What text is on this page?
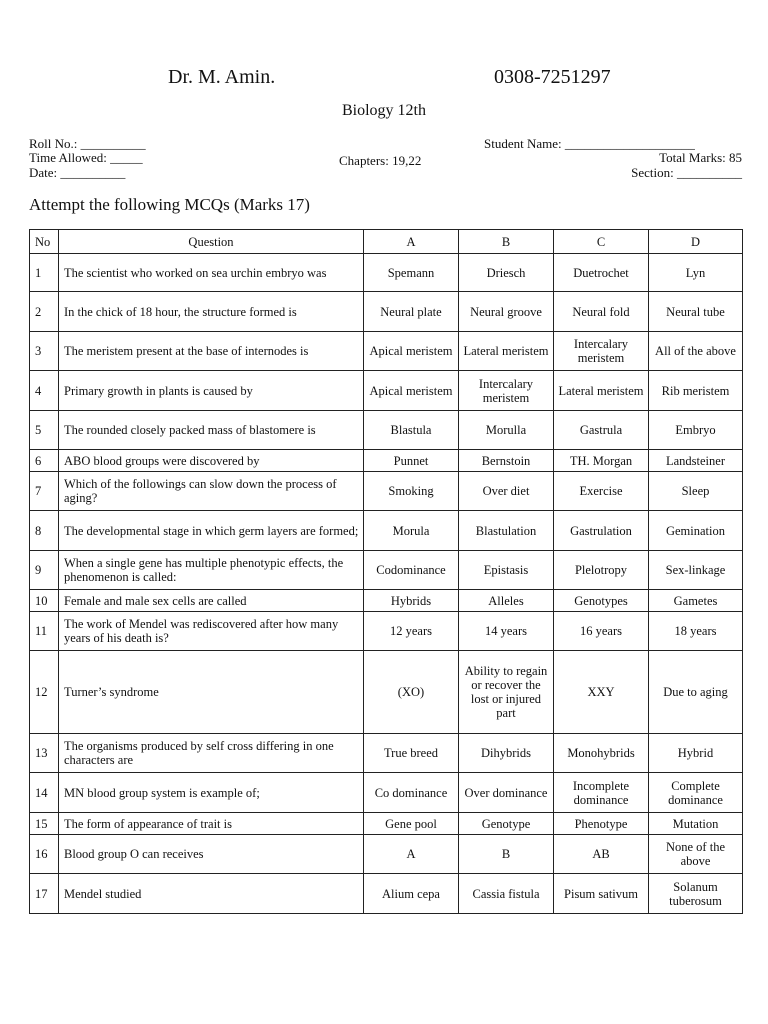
Dr. M. Amin.	0308-7251297
Biology 12th
Roll No.: __________
Time Allowed: _____
Date: __________
Chapters: 19,22
Student Name: ____________________
Total Marks: 85
Section: __________
Attempt the following MCQs (Marks 17)
No	Question	A	B	C	D
1	The scientist who worked on sea urchin embryo was	Spemann	Driesch	Duetrochet	Lyn
2	In the chick of 18 hour, the structure formed is	Neural plate	Neural groove	Neural fold	Neural tube
3	The meristem present at the base of internodes is	Apical meristem	Lateral meristem	Intercalary meristem	All of the above
4	Primary growth in plants is caused by	Apical meristem	Intercalary meristem	Lateral meristem	Rib meristem
5	The rounded closely packed mass of blastomere is	Blastula	Morulla	Gastrula	Embryo
6	ABO blood groups were discovered by	Punnet	Bernstoin	TH. Morgan	Landsteiner
7	Which of the followings can slow down the process of aging?	Smoking	Over diet	Exercise	Sleep
8	The developmental stage in which germ layers are formed;	Morula	Blastulation	Gastrulation	Gemination
9	When a single gene has multiple phenotypic effects, the phenomenon is called:	Codominance	Epistasis	Plelotropy	Sex-linkage
10	Female and male sex cells are called	Hybrids	Alleles	Genotypes	Gametes
11	The work of Mendel was rediscovered after how many years of his death is?	12 years	14 years	16 years	18 years
12	Turner’s syndrome	(XO)	Ability to regain or recover the lost or injured part	XXY	Due to aging
13	The organisms produced by self cross differing in one characters are	True breed	Dihybrids	Monohybrids	Hybrid
14	MN blood group system is example of;	Co dominance	Over dominance	Incomplete dominance	Complete dominance
15	The form of appearance of trait is	Gene pool	Genotype	Phenotype	Mutation
16	Blood group O can receives	A	B	AB	None of the above
17	Mendel studied	Alium cepa	Cassia fistula	Pisum sativum	Solanum tuberosum
